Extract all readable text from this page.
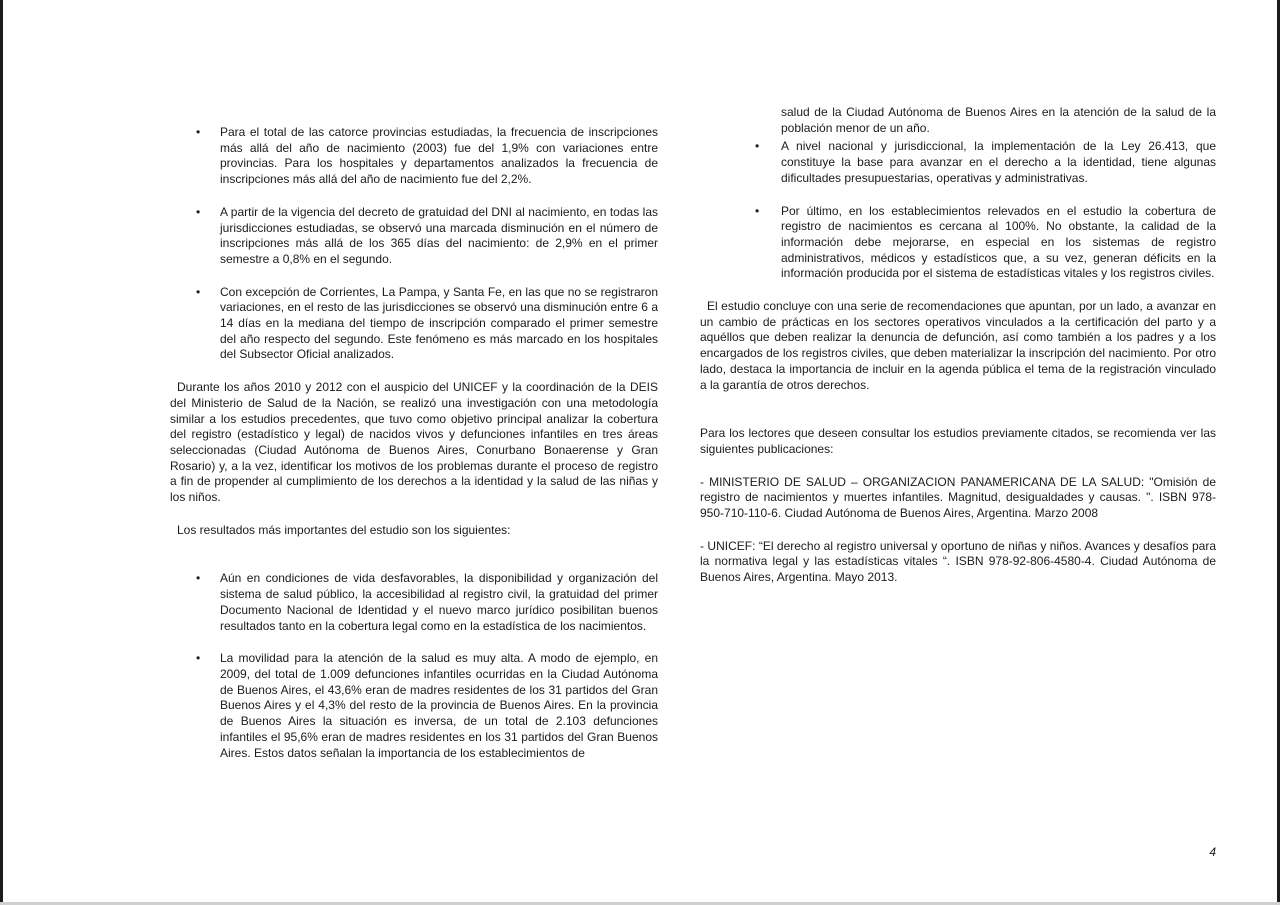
• Para el total de las catorce provincias estudiadas, la frecuencia de inscripciones más allá del año de nacimiento (2003) fue del 1,9% con variaciones entre provincias. Para los hospitales y departamentos analizados la frecuencia de inscripciones más allá del año de nacimiento fue del 2,2%.
• A partir de la vigencia del decreto de gratuidad del DNI al nacimiento, en todas las jurisdicciones estudiadas, se observó una marcada disminución en el número de inscripciones más allá de los 365 días del nacimiento: de 2,9% en el primer semestre a 0,8% en el segundo.
• Con excepción de Corrientes, La Pampa, y Santa Fe, en las que no se registraron variaciones, en el resto de las jurisdicciones se observó una disminución entre 6 a 14 días en la mediana del tiempo de inscripción comparado el primer semestre del año respecto del segundo. Este fenómeno es más marcado en los hospitales del Subsector Oficial analizados.
Durante los años 2010 y 2012 con el auspicio del UNICEF y la coordinación de la DEIS del Ministerio de Salud de la Nación, se realizó una investigación con una metodología similar a los estudios precedentes, que tuvo como objetivo principal analizar la cobertura del registro (estadístico y legal) de nacidos vivos y defunciones infantiles en tres áreas seleccionadas (Ciudad Autónoma de Buenos Aires, Conurbano Bonaerense y Gran Rosario) y, a la vez, identificar los motivos de los problemas durante el proceso de registro a fin de propender al cumplimiento de los derechos a la identidad y la salud de las niñas y los niños.
Los resultados más importantes del estudio son los siguientes:
• Aún en condiciones de vida desfavorables, la disponibilidad y organización del sistema de salud público, la accesibilidad al registro civil, la gratuidad del primer Documento Nacional de Identidad y el nuevo marco jurídico posibilitan buenos resultados tanto en la cobertura legal como en la estadística de los nacimientos.
• La movilidad para la atención de la salud es muy alta. A modo de ejemplo, en 2009, del total de 1.009 defunciones infantiles ocurridas en la Ciudad Autónoma de Buenos Aires, el 43,6% eran de madres residentes de los 31 partidos del Gran Buenos Aires y el 4,3% del resto de la provincia de Buenos Aires. En la provincia de Buenos Aires la situación es inversa, de un total de 2.103 defunciones infantiles el 95,6% eran de madres residentes en los 31 partidos del Gran Buenos Aires. Estos datos señalan la importancia de los establecimientos de
salud de la Ciudad Autónoma de Buenos Aires en la atención de la salud de la población menor de un año.
• A nivel nacional y jurisdiccional, la implementación de la Ley 26.413, que constituye la base para avanzar en el derecho a la identidad, tiene algunas dificultades presupuestarias, operativas y administrativas.
• Por último, en los establecimientos relevados en el estudio la cobertura de registro de nacimientos es cercana al 100%. No obstante, la calidad de la información debe mejorarse, en especial en los sistemas de registro administrativos, médicos y estadísticos que, a su vez, generan déficits en la información producida por el sistema de estadísticas vitales y los registros civiles.
El estudio concluye con una serie de recomendaciones que apuntan, por un lado, a avanzar en un cambio de prácticas en los sectores operativos vinculados a la certificación del parto y a aquéllos que deben realizar la denuncia de defunción, así como también a los padres y a los encargados de los registros civiles, que deben materializar la inscripción del nacimiento. Por otro lado, destaca la importancia de incluir en la agenda pública el tema de la registración vinculado a la garantía de otros derechos.
Para los lectores que deseen consultar los estudios previamente citados, se recomienda ver las siguientes publicaciones:
- MINISTERIO DE SALUD – ORGANIZACION PANAMERICANA DE LA SALUD: "Omisión de registro de nacimientos y muertes infantiles. Magnitud, desigualdades y causas. ". ISBN 978-950-710-110-6. Ciudad Autónoma de Buenos Aires, Argentina. Marzo 2008
- UNICEF: “El derecho al registro universal y oportuno de niñas y niños. Avances y desafíos para la normativa legal y las estadísticas vitales “. ISBN 978-92-806-4580-4. Ciudad Autónoma de Buenos Aires, Argentina. Mayo 2013.
4
